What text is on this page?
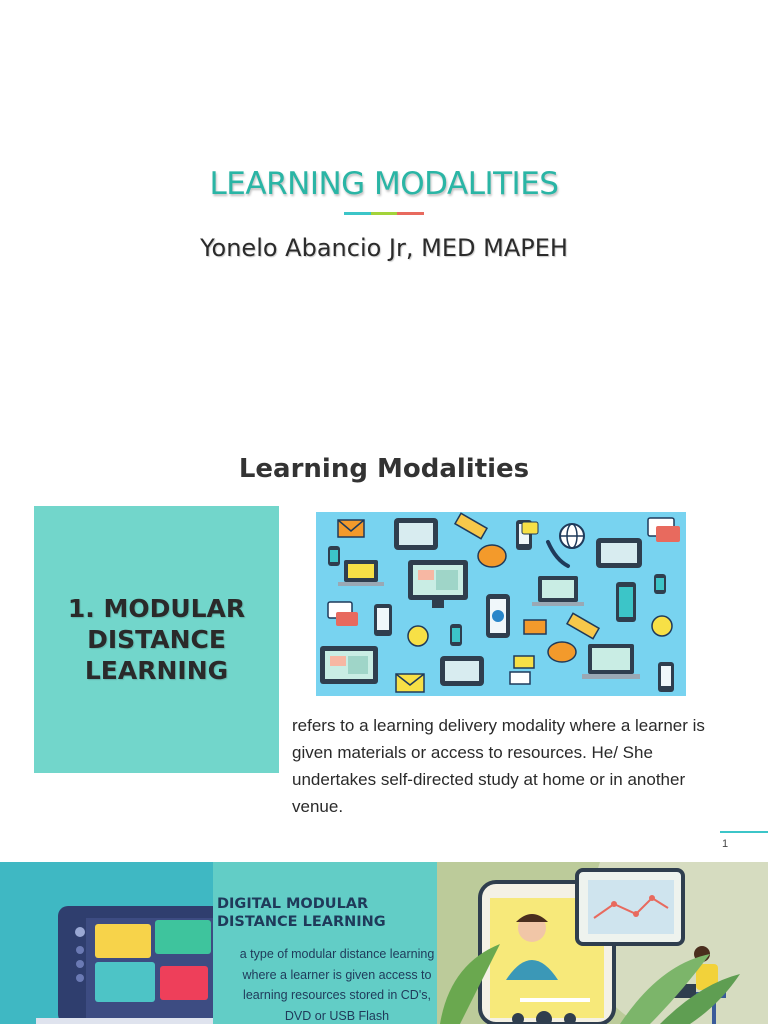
LEARNING MODALITIES
Yonelo Abancio Jr, MED MAPEH
Learning Modalities
1. MODULAR
DISTANCE
LEARNING
refers to a learning delivery modality where a learner is given materials or access to resources. He/ She undertakes self-directed study at home or in another venue.
1
DIGITAL MODULAR
DISTANCE LEARNING
a type of modular distance learning where a learner is given access to learning resources stored in CD's, DVD or USB Flash
